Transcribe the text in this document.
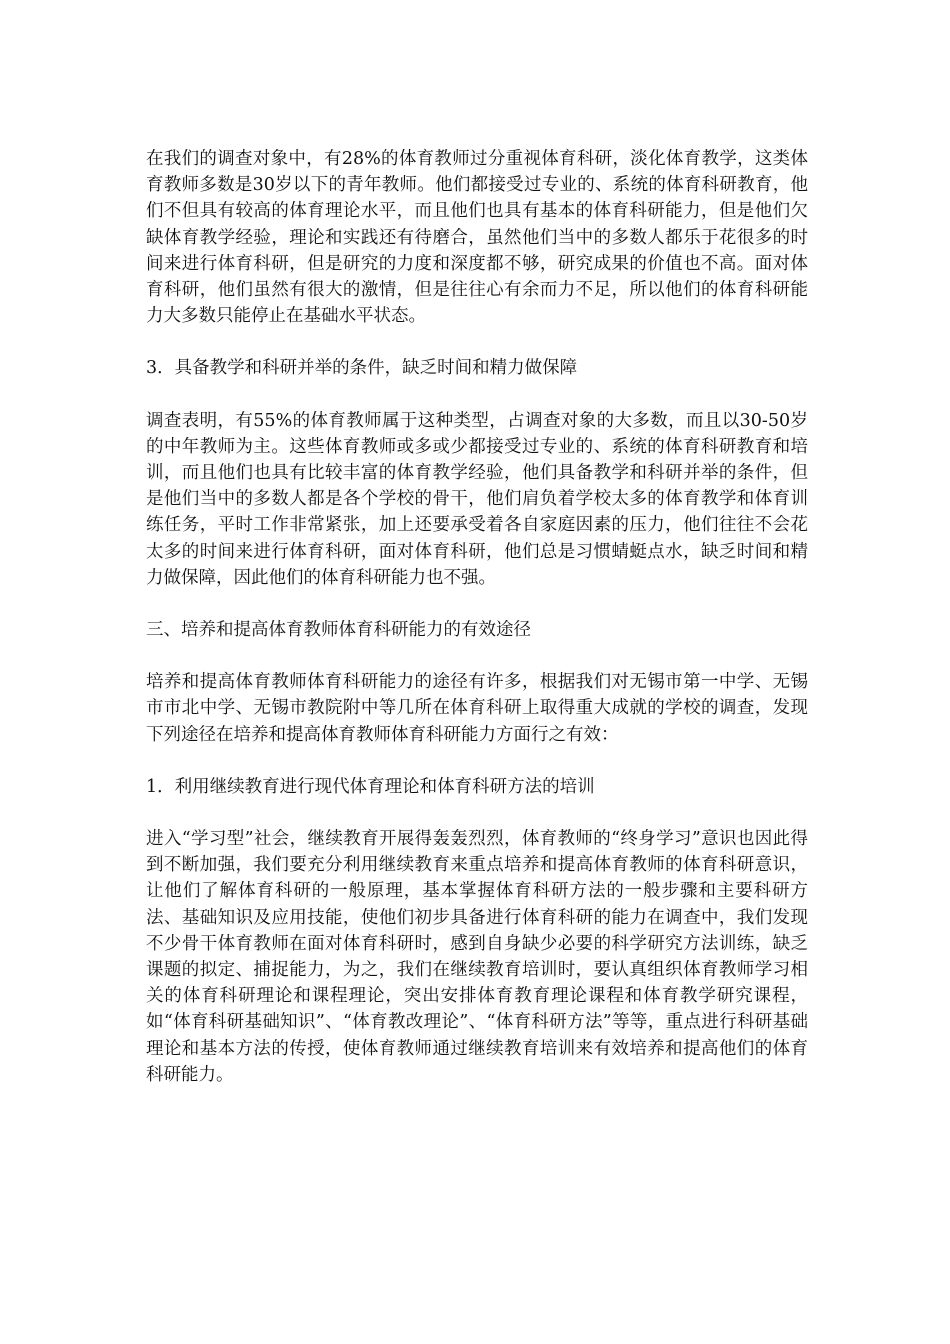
在我们的调查对象中，有28%的体育教师过分重视体育科研，淡化体育教学，这类体育教师多数是30岁以下的青年教师。他们都接受过专业的、系统的体育科研教育，他们不但具有较高的体育理论水平，而且他们也具有基本的体育科研能力，但是他们欠缺体育教学经验，理论和实践还有待磨合，虽然他们当中的多数人都乐于花很多的时间来进行体育科研，但是研究的力度和深度都不够，研究成果的价值也不高。面对体育科研，他们虽然有很大的激情，但是往往心有余而力不足，所以他们的体育科研能力大多数只能停止在基础水平状态。

3．具备教学和科研并举的条件，缺乏时间和精力做保障

调查表明，有55%的体育教师属于这种类型，占调查对象的大多数，而且以30-50岁的中年教师为主。这些体育教师或多或少都接受过专业的、系统的体育科研教育和培训，而且他们也具有比较丰富的体育教学经验，他们具备教学和科研并举的条件，但是他们当中的多数人都是各个学校的骨干，他们肩负着学校太多的体育教学和体育训练任务，平时工作非常紧张，加上还要承受着各自家庭因素的压力，他们往往不会花太多的时间来进行体育科研，面对体育科研，他们总是习惯蜻蜓点水，缺乏时间和精力做保障，因此他们的体育科研能力也不强。

三、培养和提高体育教师体育科研能力的有效途径

培养和提高体育教师体育科研能力的途径有许多，根据我们对无锡市第一中学、无锡市市北中学、无锡市教院附中等几所在体育科研上取得重大成就的学校的调查，发现下列途径在培养和提高体育教师体育科研能力方面行之有效：

1．利用继续教育进行现代体育理论和体育科研方法的培训

进入“学习型”社会，继续教育开展得轰轰烈烈，体育教师的“终身学习”意识也因此得到不断加强，我们要充分利用继续教育来重点培养和提高体育教师的体育科研意识，让他们了解体育科研的一般原理，基本掌握体育科研方法的一般步骤和主要科研方法、基础知识及应用技能，使他们初步具备进行体育科研的能力在调查中，我们发现不少骨干体育教师在面对体育科研时，感到自身缺少必要的科学研究方法训练，缺乏课题的拟定、捕捉能力，为之，我们在继续教育培训时，要认真组织体育教师学习相关的体育科研理论和课程理论，突出安排体育教育理论课程和体育教学研究课程，如“体育科研基础知识”、“体育教改理论”、“体育科研方法”等等，重点进行科研基础理论和基本方法的传授，使体育教师通过继续教育培训来有效培养和提高他们的体育科研能力。
